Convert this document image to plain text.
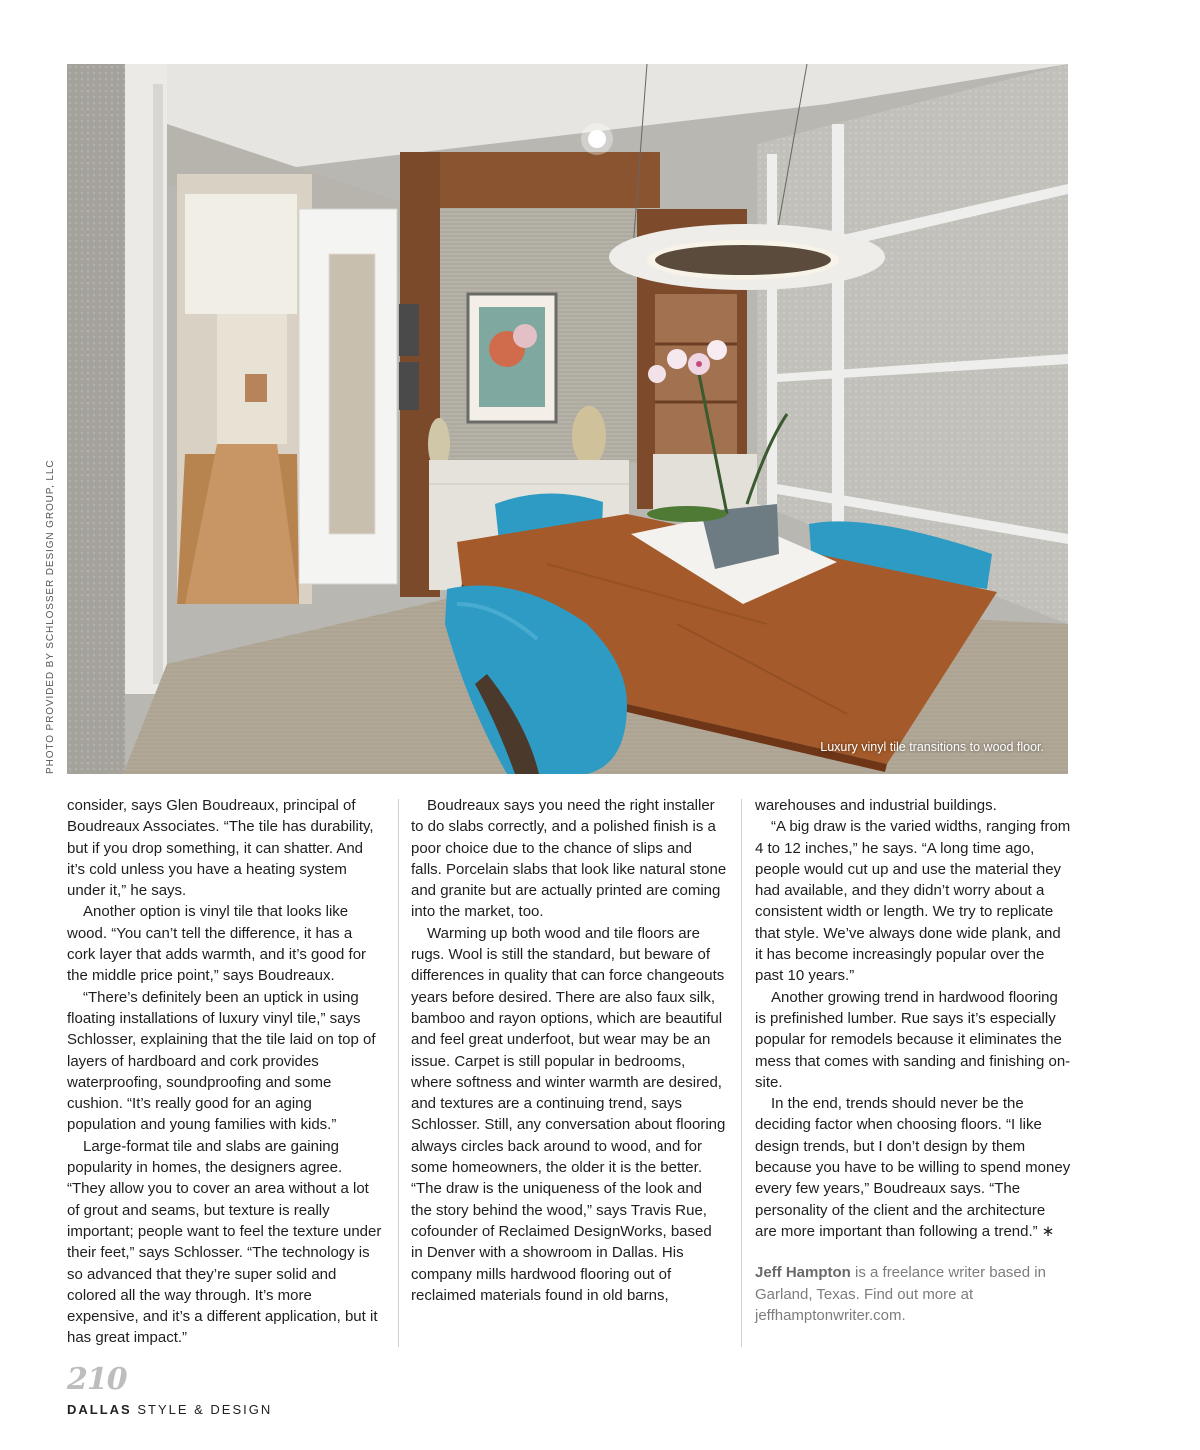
Luxury vinyl tile transitions to wood floor.
PHOTO PROVIDED BY SCHLOSSER DESIGN GROUP, LLC

consider, says Glen Boudreaux, principal of Boudreaux Associates. “The tile has durability, but if you drop something, it can shatter. And it’s cold unless you have a heating system under it,” he says.

Another option is vinyl tile that looks like wood. “You can’t tell the difference, it has a cork layer that adds warmth, and it’s good for the middle price point,” says Boudreaux.

“There’s definitely been an uptick in using floating installations of luxury vinyl tile,” says Schlosser, explaining that the tile laid on top of layers of hardboard and cork provides waterproofing, soundproofing and some cushion. “It’s really good for an aging population and young families with kids.”

Large-format tile and slabs are gaining popularity in homes, the designers agree. “They allow you to cover an area without a lot of grout and seams, but texture is really important; people want to feel the texture under their feet,” says Schlosser. “The technology is so advanced that they’re super solid and colored all the way through. It’s more expensive, and it’s a different application, but it has great impact.”

Boudreaux says you need the right installer to do slabs correctly, and a polished finish is a poor choice due to the chance of slips and falls. Porcelain slabs that look like natural stone and granite but are actually printed are coming into the market, too.

Warming up both wood and tile floors are rugs. Wool is still the standard, but beware of differences in quality that can force changeouts years before desired. There are also faux silk, bamboo and rayon options, which are beautiful and feel great underfoot, but wear may be an issue. Carpet is still popular in bedrooms, where softness and winter warmth are desired, and textures are a continuing trend, says Schlosser. Still, any conversation about flooring always circles back around to wood, and for some homeowners, the older it is the better. “The draw is the uniqueness of the look and the story behind the wood,” says Travis Rue, cofounder of Reclaimed DesignWorks, based in Denver with a showroom in Dallas. His company mills hardwood flooring out of reclaimed materials found in old barns,

warehouses and industrial buildings.

“A big draw is the varied widths, ranging from 4 to 12 inches,” he says. “A long time ago, people would cut up and use the material they had available, and they didn’t worry about a consistent width or length. We try to replicate that style. We’ve always done wide plank, and it has become increasingly popular over the past 10 years.”

Another growing trend in hardwood flooring is prefinished lumber. Rue says it’s especially popular for remodels because it eliminates the mess that comes with sanding and finishing on-site.

In the end, trends should never be the deciding factor when choosing floors. “I like design trends, but I don’t design by them because you have to be willing to spend money every few years,” Boudreaux says. “The personality of the client and the architecture are more important than following a trend.” ∗

Jeff Hampton is a freelance writer based in Garland, Texas. Find out more at jeffhamptonwriter.com.
210
DALLAS STYLE & DESIGN
